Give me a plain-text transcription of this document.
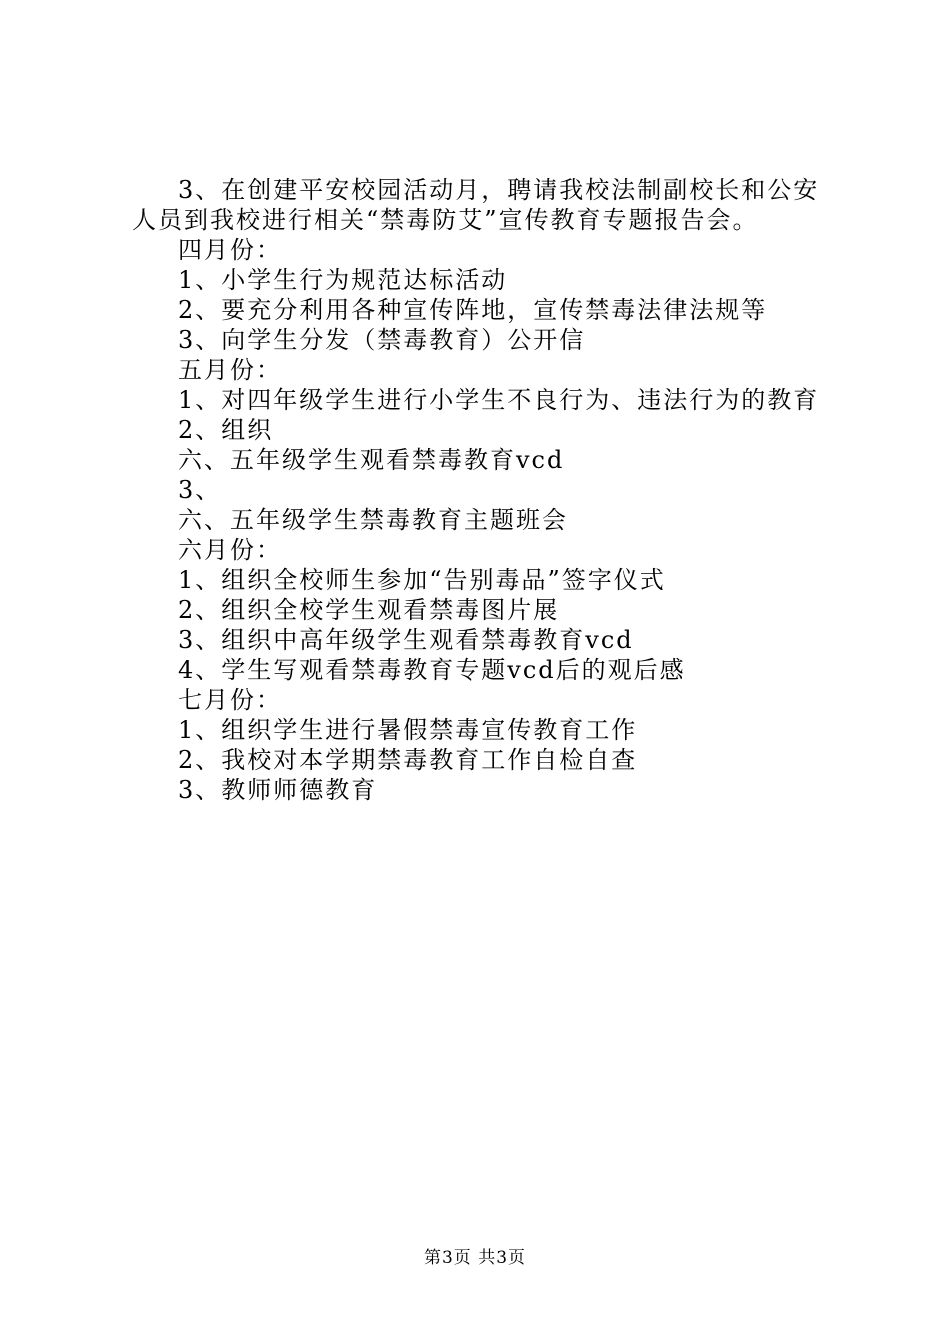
3、在创建平安校园活动月，聘请我校法制副校长和公安人员到我校进行相关“禁毒防艾”宣传教育专题报告会。

四月份：

1、小学生行为规范达标活动

2、要充分利用各种宣传阵地，宣传禁毒法律法规等

3、向学生分发（禁毒教育）公开信

五月份：

1、对四年级学生进行小学生不良行为、违法行为的教育

2、组织

六、五年级学生观看禁毒教育vcd

3、

六、五年级学生禁毒教育主题班会

六月份：

1、组织全校师生参加“告别毒品”签字仪式

2、组织全校学生观看禁毒图片展

3、组织中高年级学生观看禁毒教育vcd

4、学生写观看禁毒教育专题vcd后的观后感

七月份：

1、组织学生进行暑假禁毒宣传教育工作

2、我校对本学期禁毒教育工作自检自查

3、教师师德教育

第3页 共3页
